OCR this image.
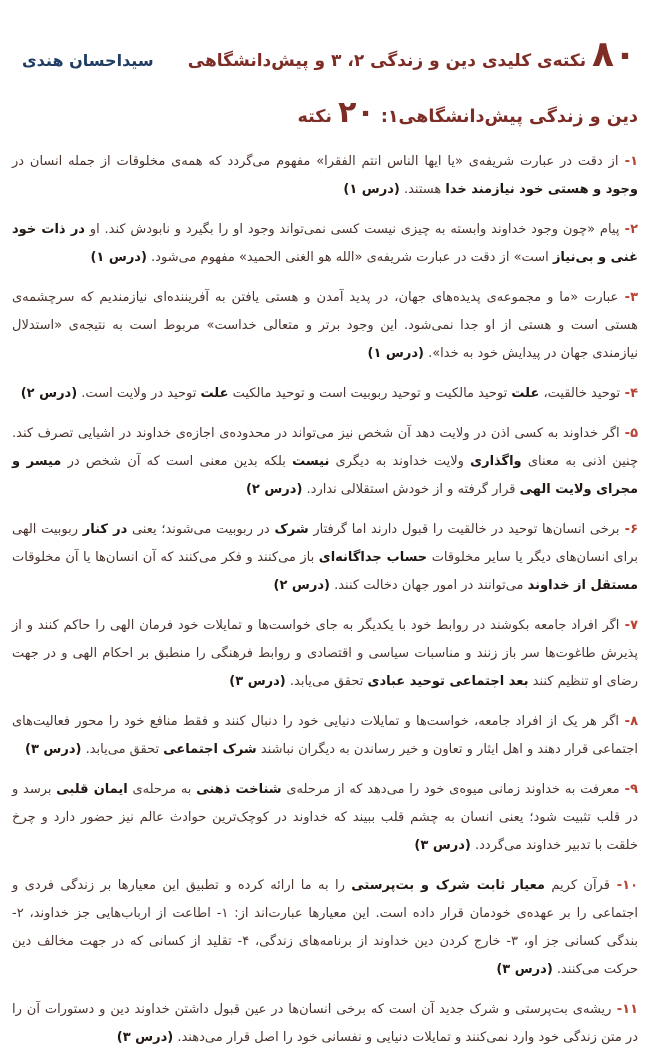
۸۰ نکته‌ی کلیدی دین و زندگی ۲، ۳ و پیش‌دانشگاهی
سیداحسان هندی
دین و زندگی پیش‌دانشگاهی۱: ۲۰ نکته

۱- از دقت در عبارت شریفه‌ی «یا ایها الناس انتم الفقرا» مفهوم می‌گردد که همه‌ی مخلوقات از جمله انسان در وجود و هستی خود نیازمند خدا هستند. (درس ۱)

۲- پیام «چون وجود خداوند وابسته به چیزی نیست کسی نمی‌تواند وجود او را بگیرد و نابودش کند. او در ذات خود غنی و بی‌نیاز است» از دقت در عبارت شریفه‌ی «الله هو الغنی الحمید» مفهوم می‌شود. (درس ۱)

۳- عبارت «ما و مجموعه‌ی پدیده‌های جهان، در پدید آمدن و هستی یافتن به آفریننده‌ای نیازمندیم که سرچشمه‌ی هستی است و هستی از او جدا نمی‌شود. این وجود برتر و متعالی خداست» مربوط است به نتیجه‌ی «استدلال نیازمندی جهان در پیدایش خود به خدا». (درس ۱)

۴- توحید خالقیت، علت توحید مالکیت و توحید ربوبیت است و توحید مالکیت علت توحید در ولایت است. (درس ۲)

۵- اگر خداوند به کسی اذن در ولایت دهد آن شخص نیز می‌تواند در محدوده‌ی اجازه‌ی خداوند در اشیایی تصرف کند. چنین اذنی به معنای واگذاری ولایت خداوند به دیگری نیست بلکه بدین معنی است که آن شخص در میسر و مجرای ولایت الهی قرار گرفته و از خودش استقلالی ندارد. (درس ۲)

۶- برخی انسان‌ها توحید در خالقیت را قبول دارند اما گرفتار شرک در ربوبیت می‌شوند؛ یعنی در کنار ربوبیت الهی برای انسان‌های دیگر یا سایر مخلوقات حساب جداگانه‌ای باز می‌کنند و فکر می‌کنند که آن انسان‌ها یا آن مخلوقات مستقل از خداوند می‌توانند در امور جهان دخالت کنند. (درس ۲)

۷- اگر افراد جامعه بکوشند در روابط خود با یکدیگر به جای خواست‌ها و تمایلات خود فرمان الهی را حاکم کنند و از پذیرش طاغوت‌ها سر باز زنند و مناسبات سیاسی و اقتصادی و روابط فرهنگی را منطبق بر احکام الهی و در جهت رضای او تنظیم کنند بعد اجتماعی توحید عبادی تحقق می‌یابد. (درس ۳)

۸- اگر هر یک از افراد جامعه، خواست‌ها و تمایلات دنیایی خود را دنبال کنند و فقط منافع خود را محور فعالیت‌های اجتماعی قرار دهند و اهل ایثار و تعاون و خیر رساندن به دیگران نباشند شرک اجتماعی تحقق می‌یابد. (درس ۳)

۹- معرفت به خداوند زمانی میوه‌ی خود را می‌دهد که از مرحله‌ی شناخت ذهنی به مرحله‌ی ایمان قلبی برسد و در قلب تثبیت شود؛ یعنی انسان به چشم قلب ببیند که خداوند در کوچک‌ترین حوادث عالم نیز حضور دارد و چرخ خلقت با تدبیر خداوند می‌گردد. (درس ۳)

۱۰- قرآن کریم معیار ثابت شرک و بت‌پرستی را به ما ارائه کرده و تطبیق این معیارها بر زندگی فردی و اجتماعی را بر عهده‌ی خودمان قرار داده است. این معیارها عبارت‌اند از: ۱- اطاعت از ارباب‌هایی جز خداوند، ۲- بندگی کسانی جز او، ۳- خارج کردن دین خداوند از برنامه‌های زندگی، ۴- تقلید از کسانی که در جهت مخالف دین حرکت می‌کنند. (درس ۳)

۱۱- ریشه‌ی بت‌پرستی و شرک جدید آن است که برخی انسان‌ها در عین قبول داشتن خداوند دین و دستورات آن را در متن زندگی خود وارد نمی‌کنند و تمایلات دنیایی و نفسانی خود را اصل قرار می‌دهند. (درس ۳)
